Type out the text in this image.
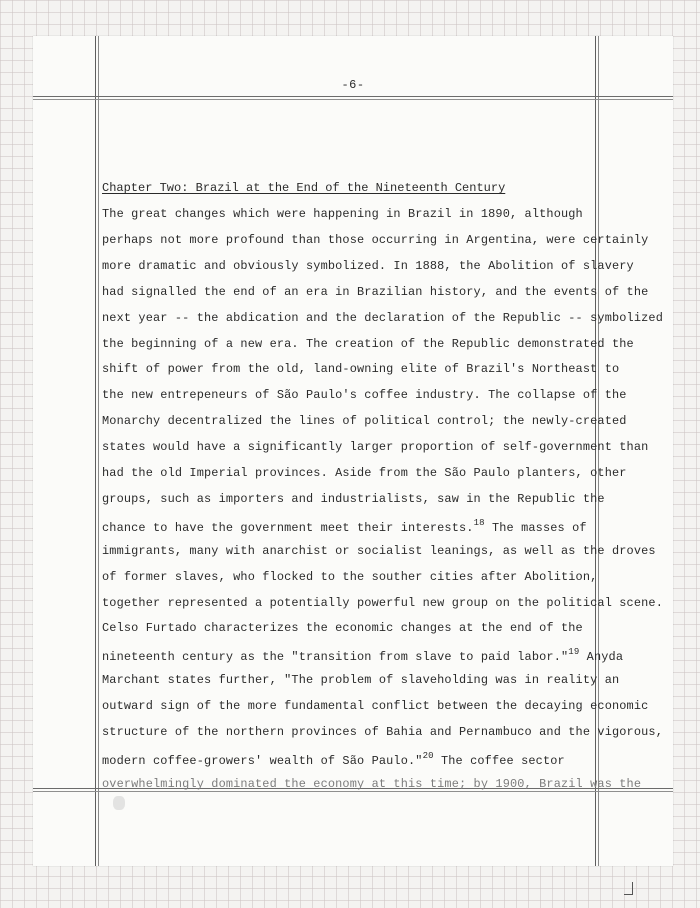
-6-
Chapter Two: Brazil at the End of the Nineteenth Century
The great changes which were happening in Brazil in 1890, although
perhaps not more profound than those occurring in Argentina, were certainly
more dramatic and obviously symbolized. In 1888, the Abolition of slavery
had signalled the end of an era in Brazilian history, and the events of the
next year -- the abdication and the declaration of the Republic -- symbolized
the beginning of a new era. The creation of the Republic demonstrated the
shift of power from the old, land-owning elite of Brazil's Northeast to
the new entrepeneurs of São Paulo's coffee industry. The collapse of the
Monarchy decentralized the lines of political control; the newly-created
states would have a significantly larger proportion of self-government than
had the old Imperial provinces. Aside from the São Paulo planters, other
groups, such as importers and industrialists, saw in the Republic the
chance to have the government meet their interests.$^{18}$ The masses of
immigrants, many with anarchist or socialist leanings, as well as the droves
of former slaves, who flocked to the souther cities after Abolition,
together represented a potentially powerful new group on the political scene.
Celso Furtado characterizes the economic changes at the end of the
nineteenth century as the "transition from slave to paid labor."$^{19}$ Anyda
Marchant states further, "The problem of slaveholding was in reality an
outward sign of the more fundamental conflict between the decaying economic
structure of the northern provinces of Bahia and Pernambuco and the vigorous,
modern coffee-growers' wealth of São Paulo."$^{20}$ The coffee sector
overwhelmingly dominated the economy at this time; by 1900, Brazil was the
